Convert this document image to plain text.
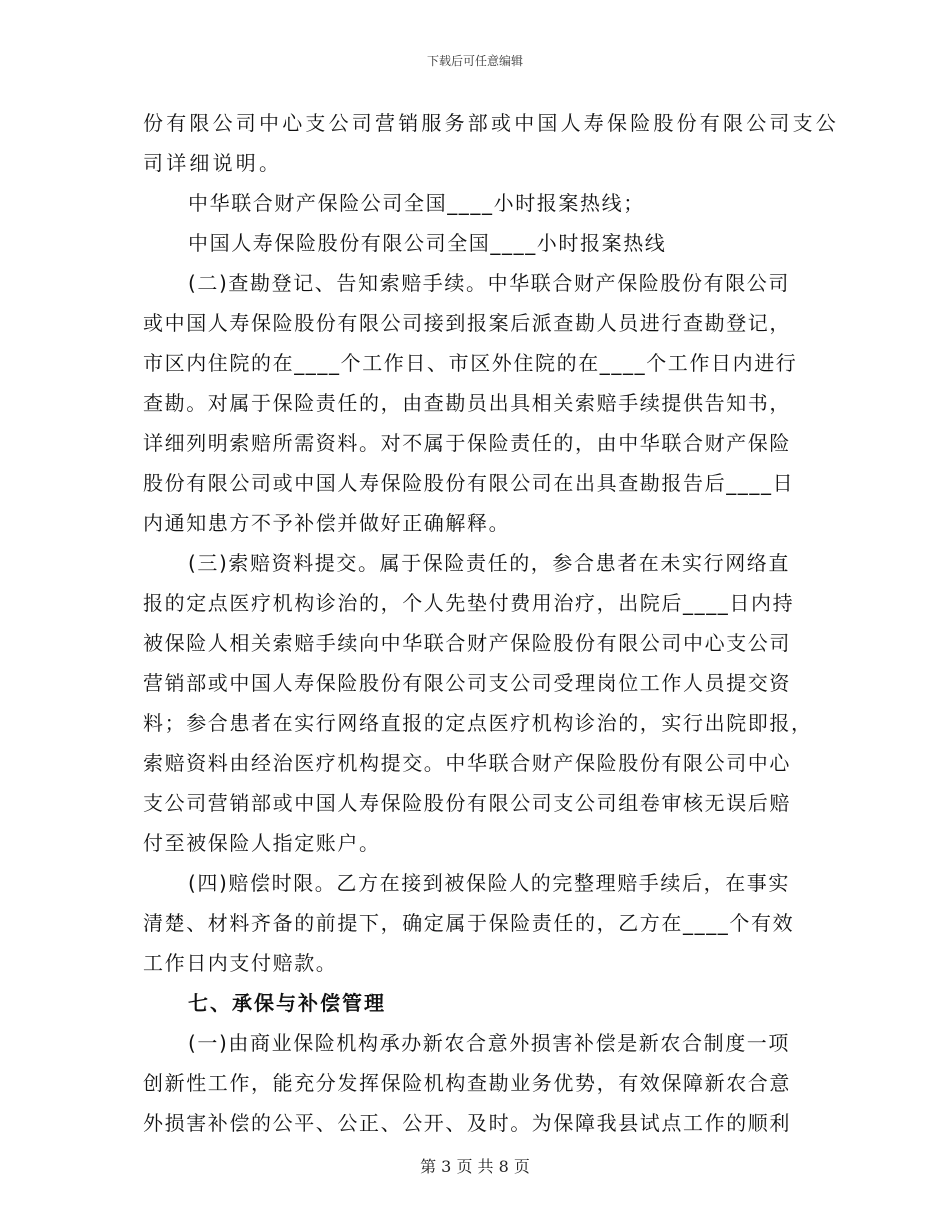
下载后可任意编辑
份有限公司中心支公司营销服务部或中国人寿保险股份有限公司支公
司详细说明。
中华联合财产保险公司全国____小时报案热线；
中国人寿保险股份有限公司全国____小时报案热线
(二)查勘登记、告知索赔手续。中华联合财产保险股份有限公司
或中国人寿保险股份有限公司接到报案后派查勘人员进行查勘登记，
市区内住院的在____个工作日、市区外住院的在____个工作日内进行
查勘。对属于保险责任的，由查勘员出具相关索赔手续提供告知书，
详细列明索赔所需资料。对不属于保险责任的，由中华联合财产保险
股份有限公司或中国人寿保险股份有限公司在出具查勘报告后____日
内通知患方不予补偿并做好正确解释。
(三)索赔资料提交。属于保险责任的，参合患者在未实行网络直
报的定点医疗机构诊治的，个人先垫付费用治疗，出院后____日内持
被保险人相关索赔手续向中华联合财产保险股份有限公司中心支公司
营销部或中国人寿保险股份有限公司支公司受理岗位工作人员提交资
料；参合患者在实行网络直报的定点医疗机构诊治的，实行出院即报，
索赔资料由经治医疗机构提交。中华联合财产保险股份有限公司中心
支公司营销部或中国人寿保险股份有限公司支公司组卷审核无误后赔
付至被保险人指定账户。
(四)赔偿时限。乙方在接到被保险人的完整理赔手续后，在事实
清楚、材料齐备的前提下，确定属于保险责任的，乙方在____个有效
工作日内支付赔款。
七、承保与补偿管理
(一)由商业保险机构承办新农合意外损害补偿是新农合制度一项
创新性工作，能充分发挥保险机构查勘业务优势，有效保障新农合意
外损害补偿的公平、公正、公开、及时。为保障我县试点工作的顺利
第 3 页 共 8 页
